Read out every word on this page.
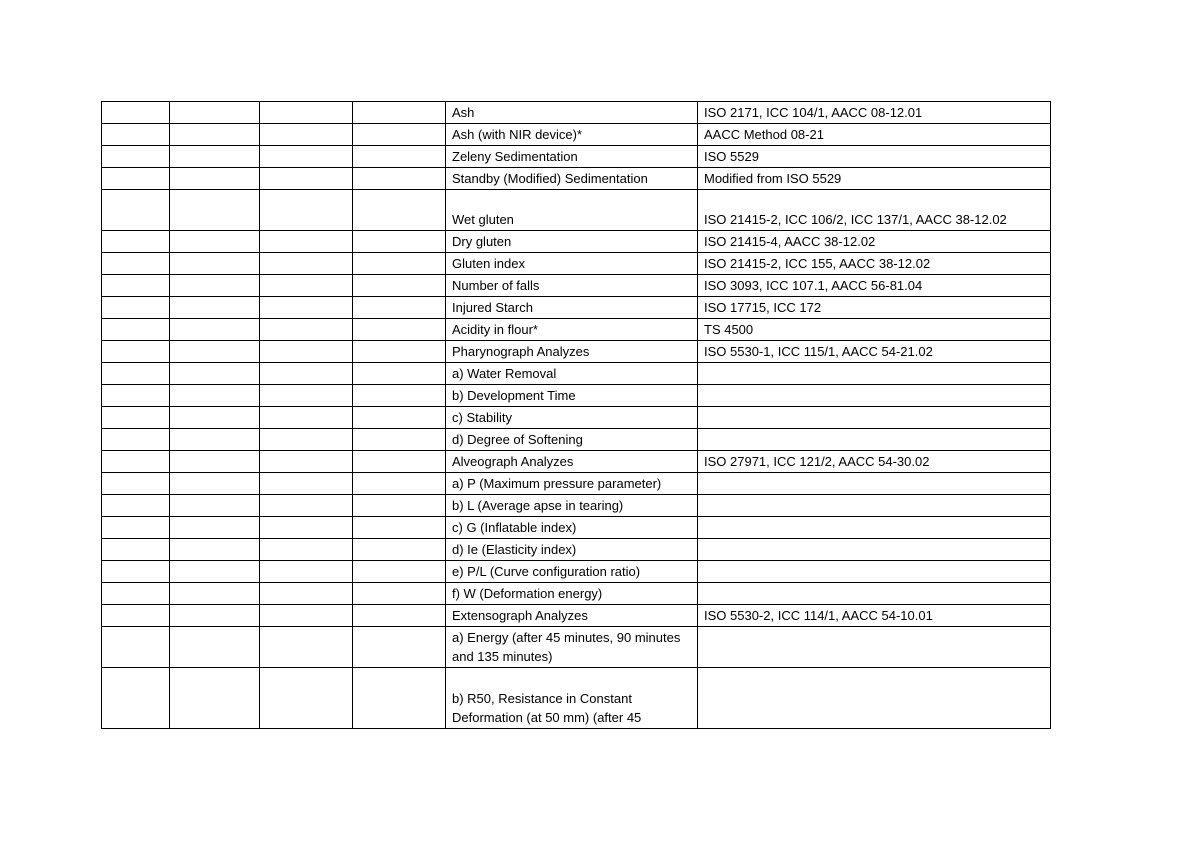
				Ash	ISO 2171, ICC 104/1, AACC 08-12.01
				Ash (with NIR device)*	AACC Method 08-21
				Zeleny Sedimentation	ISO 5529
				Standby (Modified) Sedimentation	Modified from ISO 5529
				Wet gluten	ISO 21415-2, ICC 106/2, ICC 137/1, AACC 38-12.02
				Dry gluten	ISO 21415-4, AACC 38-12.02
				Gluten index	ISO 21415-2, ICC 155, AACC 38-12.02
				Number of falls	ISO 3093, ICC 107.1, AACC 56-81.04
				Injured Starch	ISO 17715, ICC 172
				Acidity in flour*	TS 4500
				Pharynograph Analyzes	ISO 5530-1, ICC 115/1, AACC 54-21.02
				a) Water Removal	
				b) Development Time	
				c) Stability	
				d) Degree of Softening	
				Alveograph Analyzes	ISO 27971, ICC 121/2, AACC 54-30.02
				a) P (Maximum pressure parameter)	
				b) L (Average apse in tearing)	
				c) G (Inflatable index)	
				d) Ie (Elasticity index)	
				e) P/L (Curve configuration ratio)	
				f) W (Deformation energy)	
				Extensograph Analyzes	ISO 5530-2, ICC 114/1, AACC 54-10.01
				a) Energy (after 45 minutes, 90 minutes and 135 minutes)	
				b) R50, Resistance in Constant Deformation (at 50 mm) (after 45	
